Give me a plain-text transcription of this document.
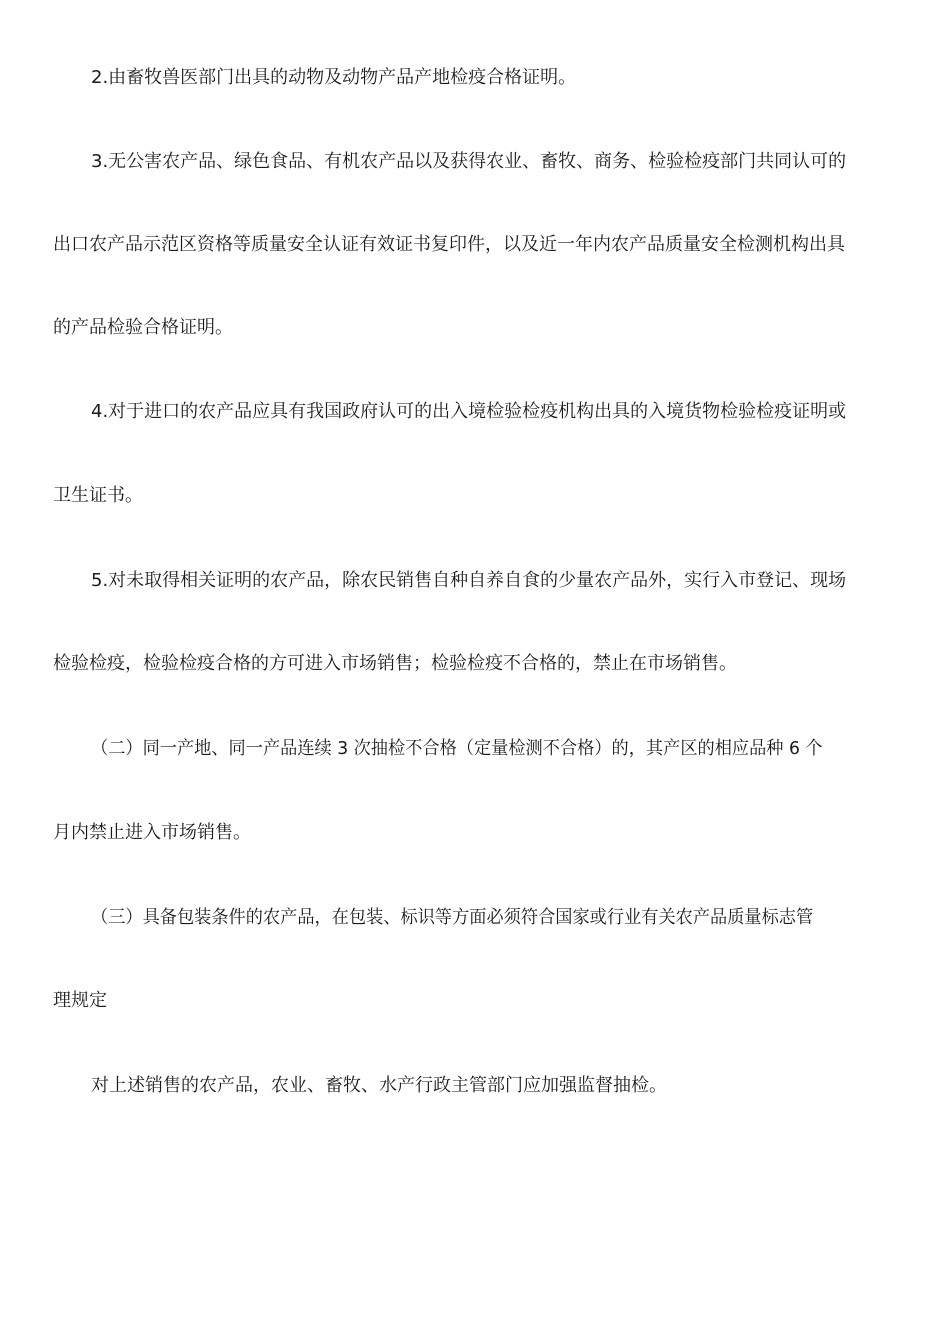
2.由畜牧兽医部门出具的动物及动物产品产地检疫合格证明。
3.无公害农产品、绿色食品、有机农产品以及获得农业、畜牧、商务、检验检疫部门共同认可的
出口农产品示范区资格等质量安全认证有效证书复印件，以及近一年内农产品质量安全检测机构出具
的产品检验合格证明。
4.对于进口的农产品应具有我国政府认可的出入境检验检疫机构出具的入境货物检验检疫证明或
卫生证书。
5.对未取得相关证明的农产品，除农民销售自种自养自食的少量农产品外，实行入市登记、现场
检验检疫，检验检疫合格的方可进入市场销售；检验检疫不合格的，禁止在市场销售。
（二）同一产地、同一产品连续 3 次抽检不合格（定量检测不合格）的，其产区的相应品种 6 个
月内禁止进入市场销售。
（三）具备包装条件的农产品，在包装、标识等方面必须符合国家或行业有关农产品质量标志管
理规定
对上述销售的农产品，农业、畜牧、水产行政主管部门应加强监督抽检。
